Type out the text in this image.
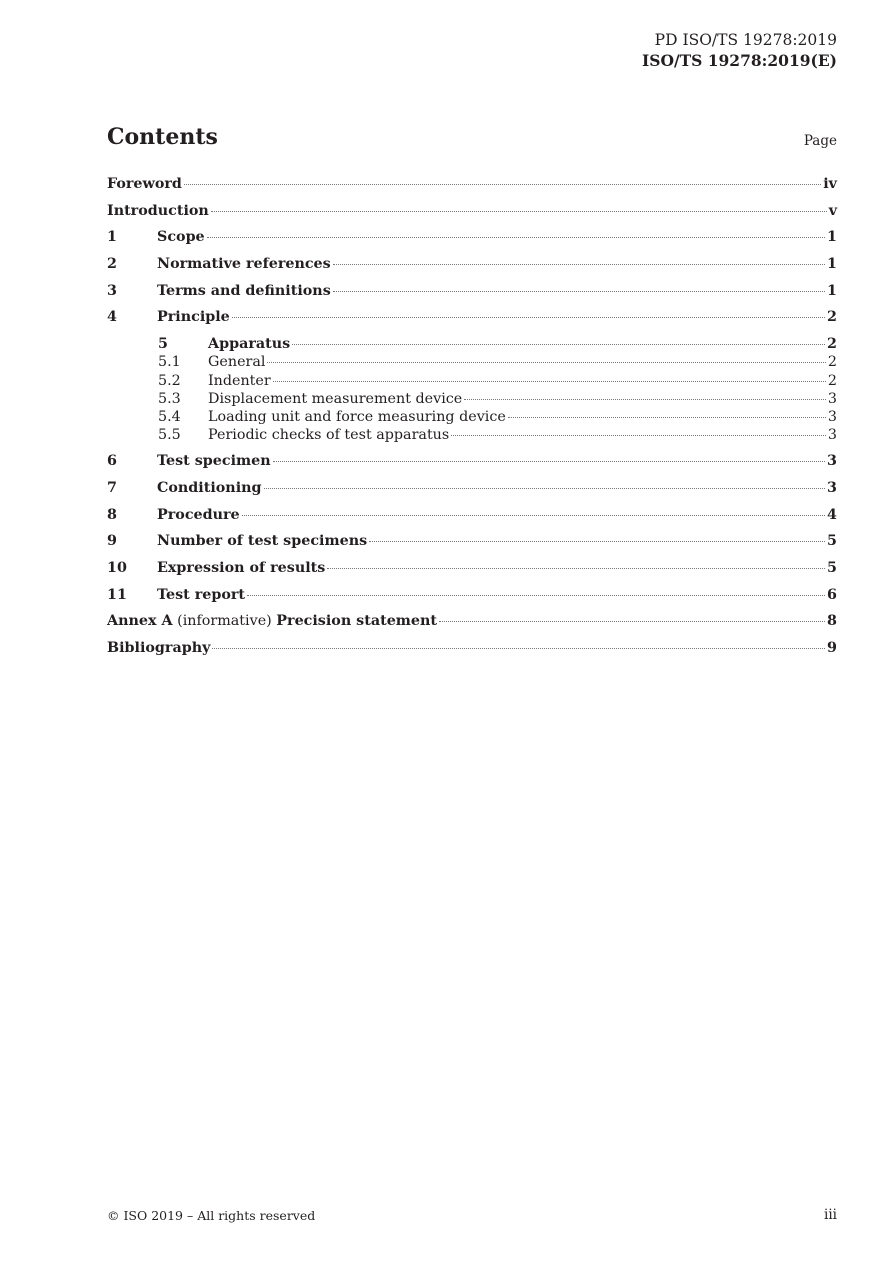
PD ISO/TS 19278:2019
ISO/TS 19278:2019(E)
Contents	Page
Foreword	iv
Introduction	v
1	Scope	1
2	Normative references	1
3	Terms and definitions	1
4	Principle	2
5	Apparatus	2
5.1	General	2
5.2	Indenter	2
5.3	Displacement measurement device	3
5.4	Loading unit and force measuring device	3
5.5	Periodic checks of test apparatus	3
6	Test specimen	3
7	Conditioning	3
8	Procedure	4
9	Number of test specimens	5
10	Expression of results	5
11	Test report	6
Annex A (informative) Precision statement	8
Bibliography	9
© ISO 2019 – All rights reserved	iii
